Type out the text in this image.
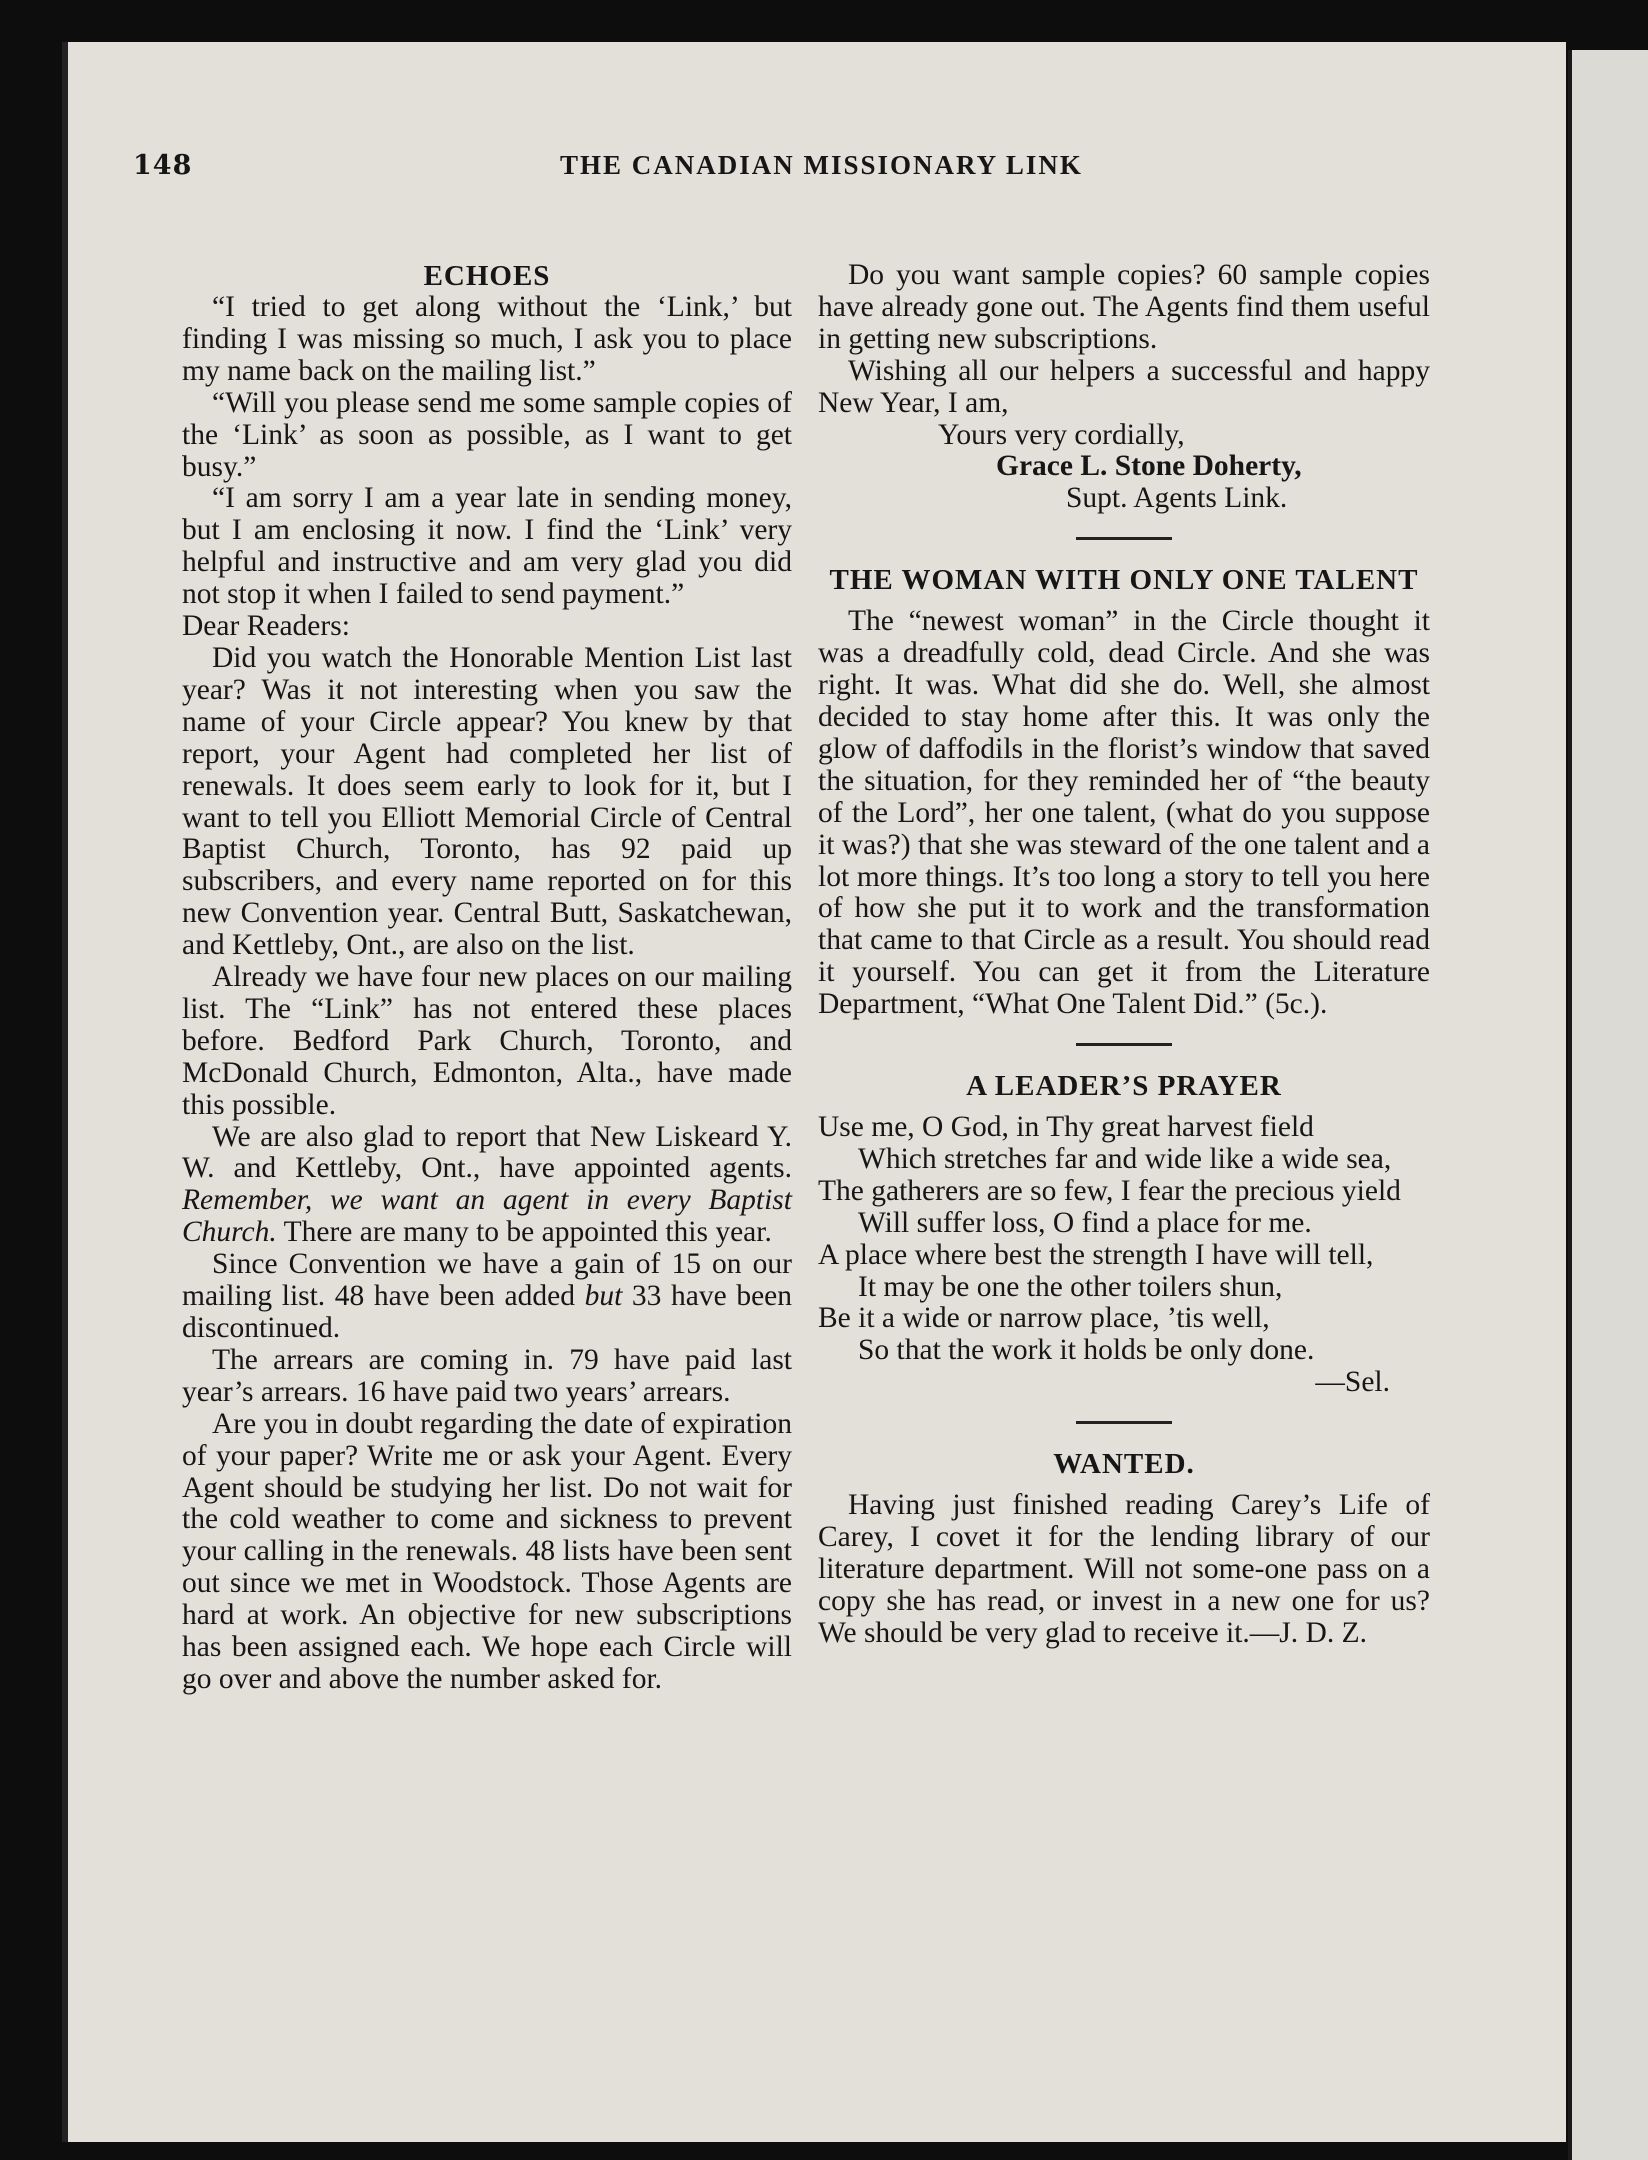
148	THE CANADIAN MISSIONARY LINK
ECHOES

“I tried to get along without the ‘Link,’ but finding I was missing so much, I ask you to place my name back on the mailing list.”

“Will you please send me some sample copies of the ‘Link’ as soon as possible, as I want to get busy.”

“I am sorry I am a year late in sending money, but I am enclosing it now. I find the ‘Link’ very helpful and instructive and am very glad you did not stop it when I failed to send payment.”

Dear Readers:

Did you watch the Honorable Mention List last year? Was it not interesting when you saw the name of your Circle appear? You knew by that report, your Agent had completed her list of renewals. It does seem early to look for it, but I want to tell you Elliott Memorial Circle of Central Baptist Church, Toronto, has 92 paid up subscribers, and every name reported on for this new Convention year. Central Butt, Saskatchewan, and Kettleby, Ont., are also on the list.

Already we have four new places on our mailing list. The “Link” has not entered these places before. Bedford Park Church, Toronto, and McDonald Church, Edmonton, Alta., have made this possible.

We are also glad to report that New Liskeard Y. W. and Kettleby, Ont., have appointed agents. Remember, we want an agent in every Baptist Church. There are many to be appointed this year.

Since Convention we have a gain of 15 on our mailing list. 48 have been added but 33 have been discontinued.

The arrears are coming in. 79 have paid last year’s arrears. 16 have paid two years’ arrears.

Are you in doubt regarding the date of expiration of your paper? Write me or ask your Agent. Every Agent should be studying her list. Do not wait for the cold weather to come and sickness to prevent your calling in the renewals. 48 lists have been sent out since we met in Woodstock. Those Agents are hard at work. An objective for new subscriptions has been assigned each. We hope each Circle will go over and above the number asked for.

Do you want sample copies? 60 sample copies have already gone out. The Agents find them useful in getting new subscriptions.

Wishing all our helpers a successful and happy New Year, I am,

Yours very cordially,
Grace L. Stone Doherty,
Supt. Agents Link.
THE WOMAN WITH ONLY ONE TALENT

The “newest woman” in the Circle thought it was a dreadfully cold, dead Circle. And she was right. It was. What did she do. Well, she almost decided to stay home after this. It was only the glow of daffodils in the florist’s window that saved the situation, for they reminded her of “the beauty of the Lord”, her one talent, (what do you suppose it was?) that she was steward of the one talent and a lot more things. It’s too long a story to tell you here of how she put it to work and the transformation that came to that Circle as a result. You should read it yourself. You can get it from the Literature Department, “What One Talent Did.” (5c.).

A LEADER’S PRAYER
Use me, O God, in Thy great harvest field
Which stretches far and wide like a wide sea,
The gatherers are so few, I fear the precious yield
Will suffer loss, O find a place for me.
A place where best the strength I have will tell,
It may be one the other toilers shun,
Be it a wide or narrow place, ’tis well,
So that the work it holds be only done.
—Sel.
WANTED.

Having just finished reading Carey’s Life of Carey, I covet it for the lending library of our literature department. Will not some-one pass on a copy she has read, or invest in a new one for us? We should be very glad to receive it.—J. D. Z.
